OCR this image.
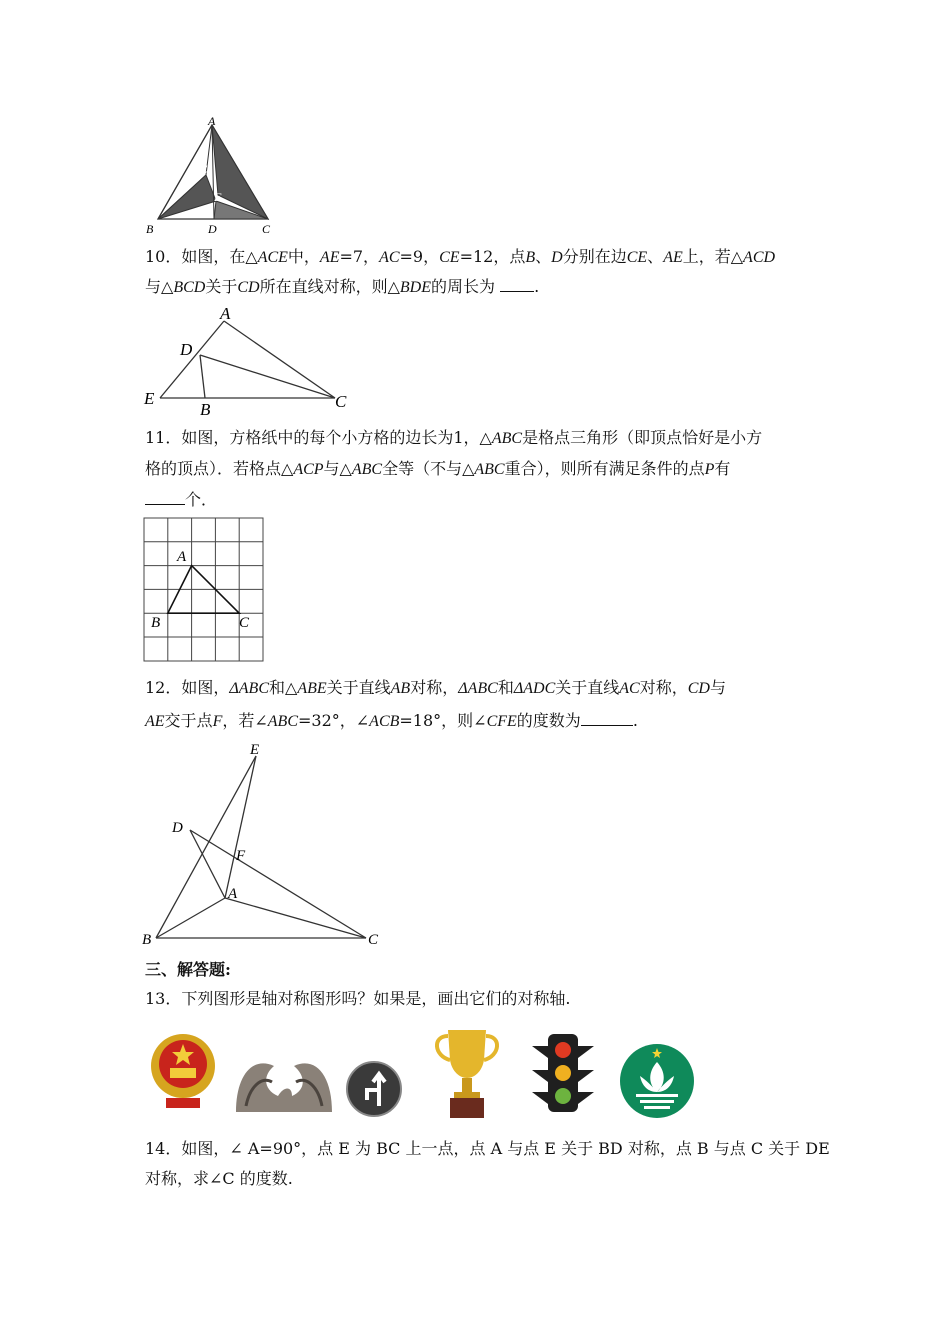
A
E
F
B	D	C
10．如图，在△ACE中，AE=7，AC=9，CE=12，点B、D分别在边CE、AE上，若△ACD
与△BCD关于CD所在直线对称，则△BDE的周长为 .
A
D
E
B	C
11．如图，方格纸中的每个小方格的边长为1，△ABC是格点三角形（即顶点恰好是小方
格的顶点）．若格点△ACP与△ABC全等（不与△ABC重合），则所有满足条件的点P有
个．
A
B	C
12．如图，ΔABC和△ABE关于直线AB对称，ΔABC和ΔADC关于直线AC对称，CD与
AE交于点F，若∠ABC=32°，∠ACB=18°，则∠CFE的度数为	.
E
D
F
A
B	C
三、解答题:
13．下列图形是轴对称图形吗？如果是，画出它们的对称轴.
14．如图，∠ A=90°，点 E 为 BC 上一点，点 A 与点 E 关于 BD 对称，点 B 与点 C 关于 DE
对称，求∠C 的度数.
